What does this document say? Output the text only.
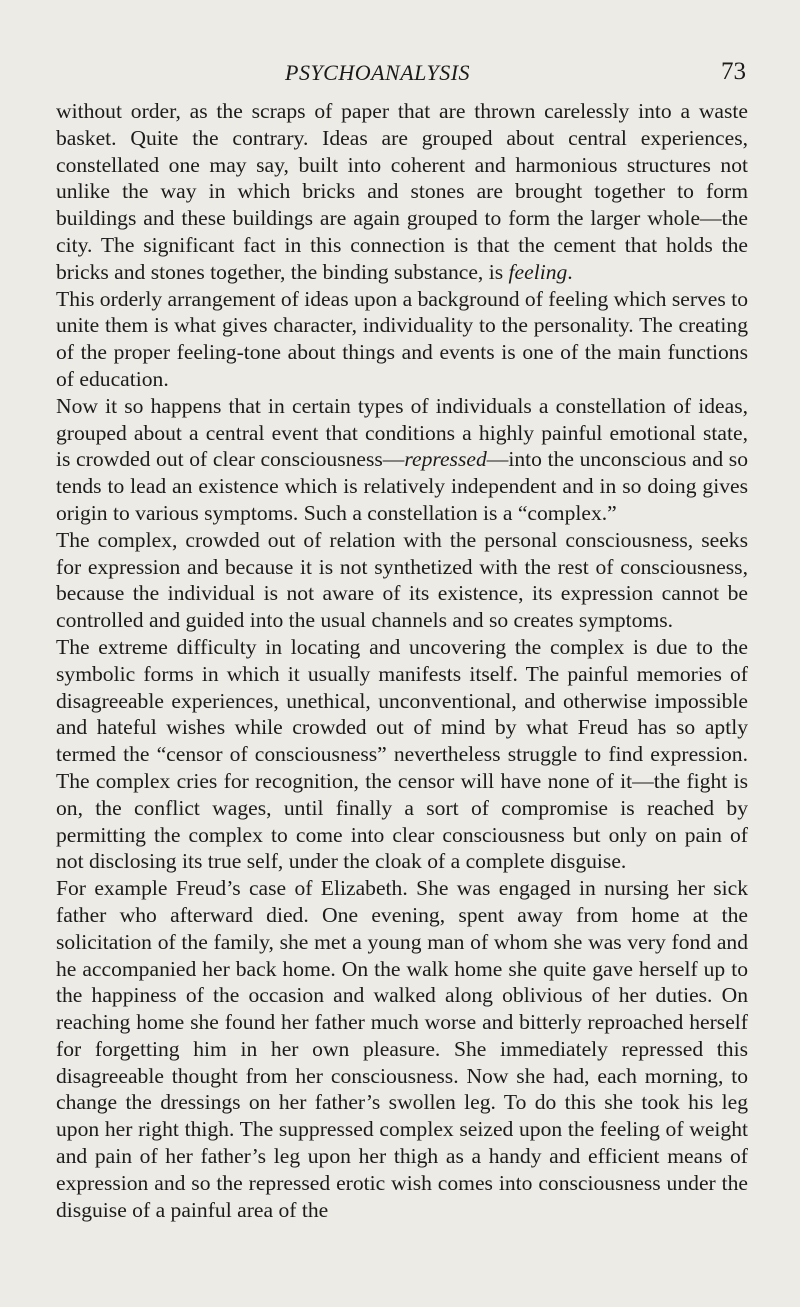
PSYCHOANALYSIS	73

without order, as the scraps of paper that are thrown carelessly into a waste basket. Quite the contrary. Ideas are grouped about central experiences, constellated one may say, built into coherent and harmonious structures not unlike the way in which bricks and stones are brought together to form buildings and these buildings are again grouped to form the larger whole—the city. The significant fact in this connection is that the cement that holds the bricks and stones together, the binding substance, is feeling.

This orderly arrangement of ideas upon a background of feeling which serves to unite them is what gives character, individuality to the personality. The creating of the proper feeling-tone about things and events is one of the main functions of education.

Now it so happens that in certain types of individuals a constellation of ideas, grouped about a central event that conditions a highly painful emotional state, is crowded out of clear consciousness—repressed—into the unconscious and so tends to lead an existence which is relatively independent and in so doing gives origin to various symptoms. Such a constellation is a “complex.”

The complex, crowded out of relation with the personal consciousness, seeks for expression and because it is not synthetized with the rest of consciousness, because the individual is not aware of its existence, its expression cannot be controlled and guided into the usual channels and so creates symptoms.

The extreme difficulty in locating and uncovering the complex is due to the symbolic forms in which it usually manifests itself. The painful memories of disagreeable experiences, unethical, unconventional, and otherwise impossible and hateful wishes while crowded out of mind by what Freud has so aptly termed the “censor of consciousness” nevertheless struggle to find expression. The complex cries for recognition, the censor will have none of it—the fight is on, the conflict wages, until finally a sort of compromise is reached by permitting the complex to come into clear consciousness but only on pain of not disclosing its true self, under the cloak of a complete disguise.

For example Freud’s case of Elizabeth. She was engaged in nursing her sick father who afterward died. One evening, spent away from home at the solicitation of the family, she met a young man of whom she was very fond and he accompanied her back home. On the walk home she quite gave herself up to the happiness of the occasion and walked along oblivious of her duties. On reaching home she found her father much worse and bitterly reproached herself for forgetting him in her own pleasure. She immediately repressed this disagreeable thought from her consciousness. Now she had, each morning, to change the dressings on her father’s swollen leg. To do this she took his leg upon her right thigh. The suppressed complex seized upon the feeling of weight and pain of her father’s leg upon her thigh as a handy and efficient means of expression and so the repressed erotic wish comes into consciousness under the disguise of a painful area of the
